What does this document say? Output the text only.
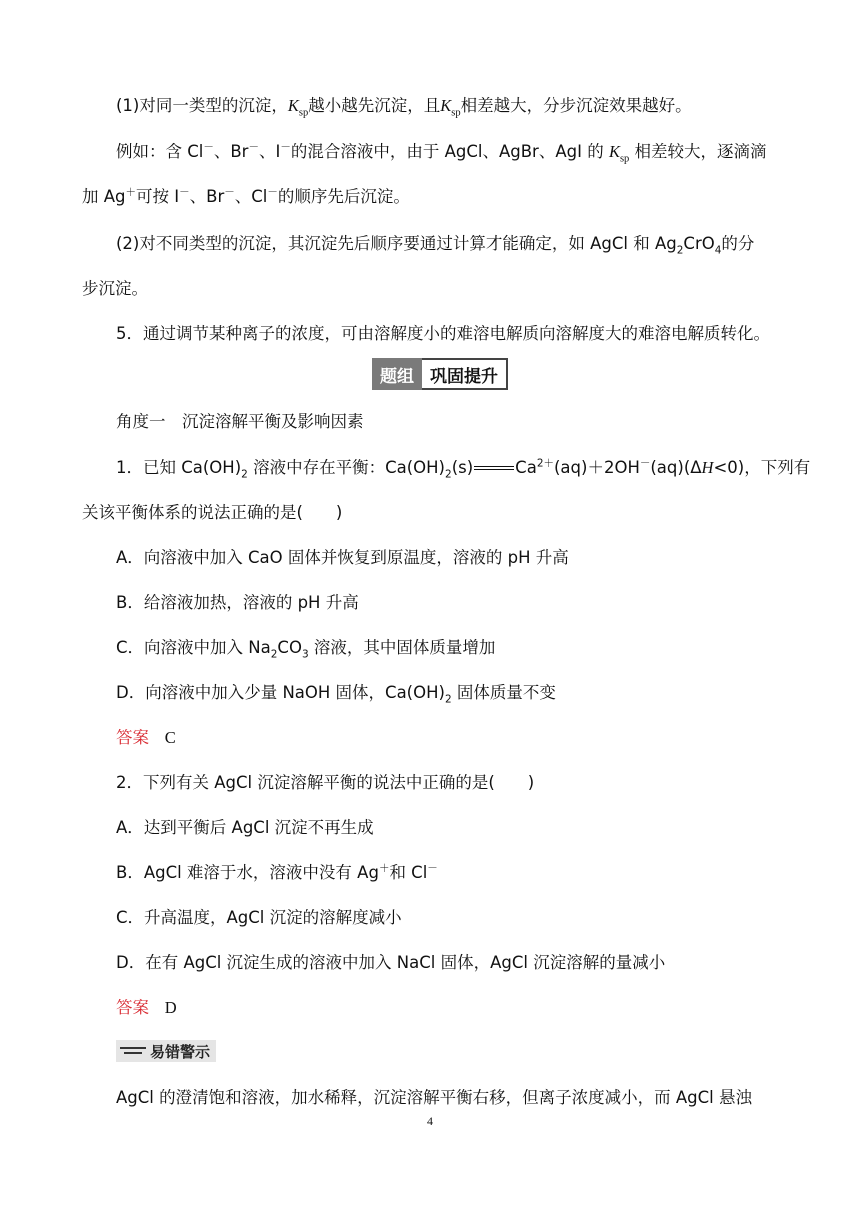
(1)对同一类型的沉淀，$K_{sp}$越小越先沉淀，且$K_{sp}$相差越大，分步沉淀效果越好。
例如：含 Cl－、Br－、I－的混合溶液中，由于 AgCl、AgBr、AgI 的 $K_{sp}$ 相差较大，逐滴滴
加 Ag＋可按 I－、Br－、Cl－的顺序先后沉淀。
(2)对不同类型的沉淀，其沉淀先后顺序要通过计算才能确定，如 AgCl 和 $Ag_2CrO_4$的分
步沉淀。
5．通过调节某种离子的浓度，可由溶解度小的难溶电解质向溶解度大的难溶电解质转化。
题组 巩固提升
角度一　沉淀溶解平衡及影响因素
1．已知 $Ca(OH)_2$ 溶液中存在平衡：$Ca(OH)_2(s)$	$Ca^{2+}(aq)+2OH^-(aq)(\Delta H<0)$，下列有
关该平衡体系的说法正确的是(　　)
A．向溶液中加入 CaO 固体并恢复到原温度，溶液的 pH 升高
B．给溶液加热，溶液的 pH 升高
C．向溶液中加入 $Na_2CO_3$ 溶液，其中固体质量增加
D．向溶液中加入少量 NaOH 固体，$Ca(OH)_2$ 固体质量不变
答案 C
2．下列有关 AgCl 沉淀溶解平衡的说法中正确的是(　　)
A．达到平衡后 AgCl 沉淀不再生成
B．AgCl 难溶于水，溶液中没有 Ag＋和 Cl－
C．升高温度，AgCl 沉淀的溶解度减小
D．在有 AgCl 沉淀生成的溶液中加入 NaCl 固体，AgCl 沉淀溶解的量减小
答案 D
易错警示
AgCl 的澄清饱和溶液，加水稀释，沉淀溶解平衡右移，但离子浓度减小，而 AgCl 悬浊
4
